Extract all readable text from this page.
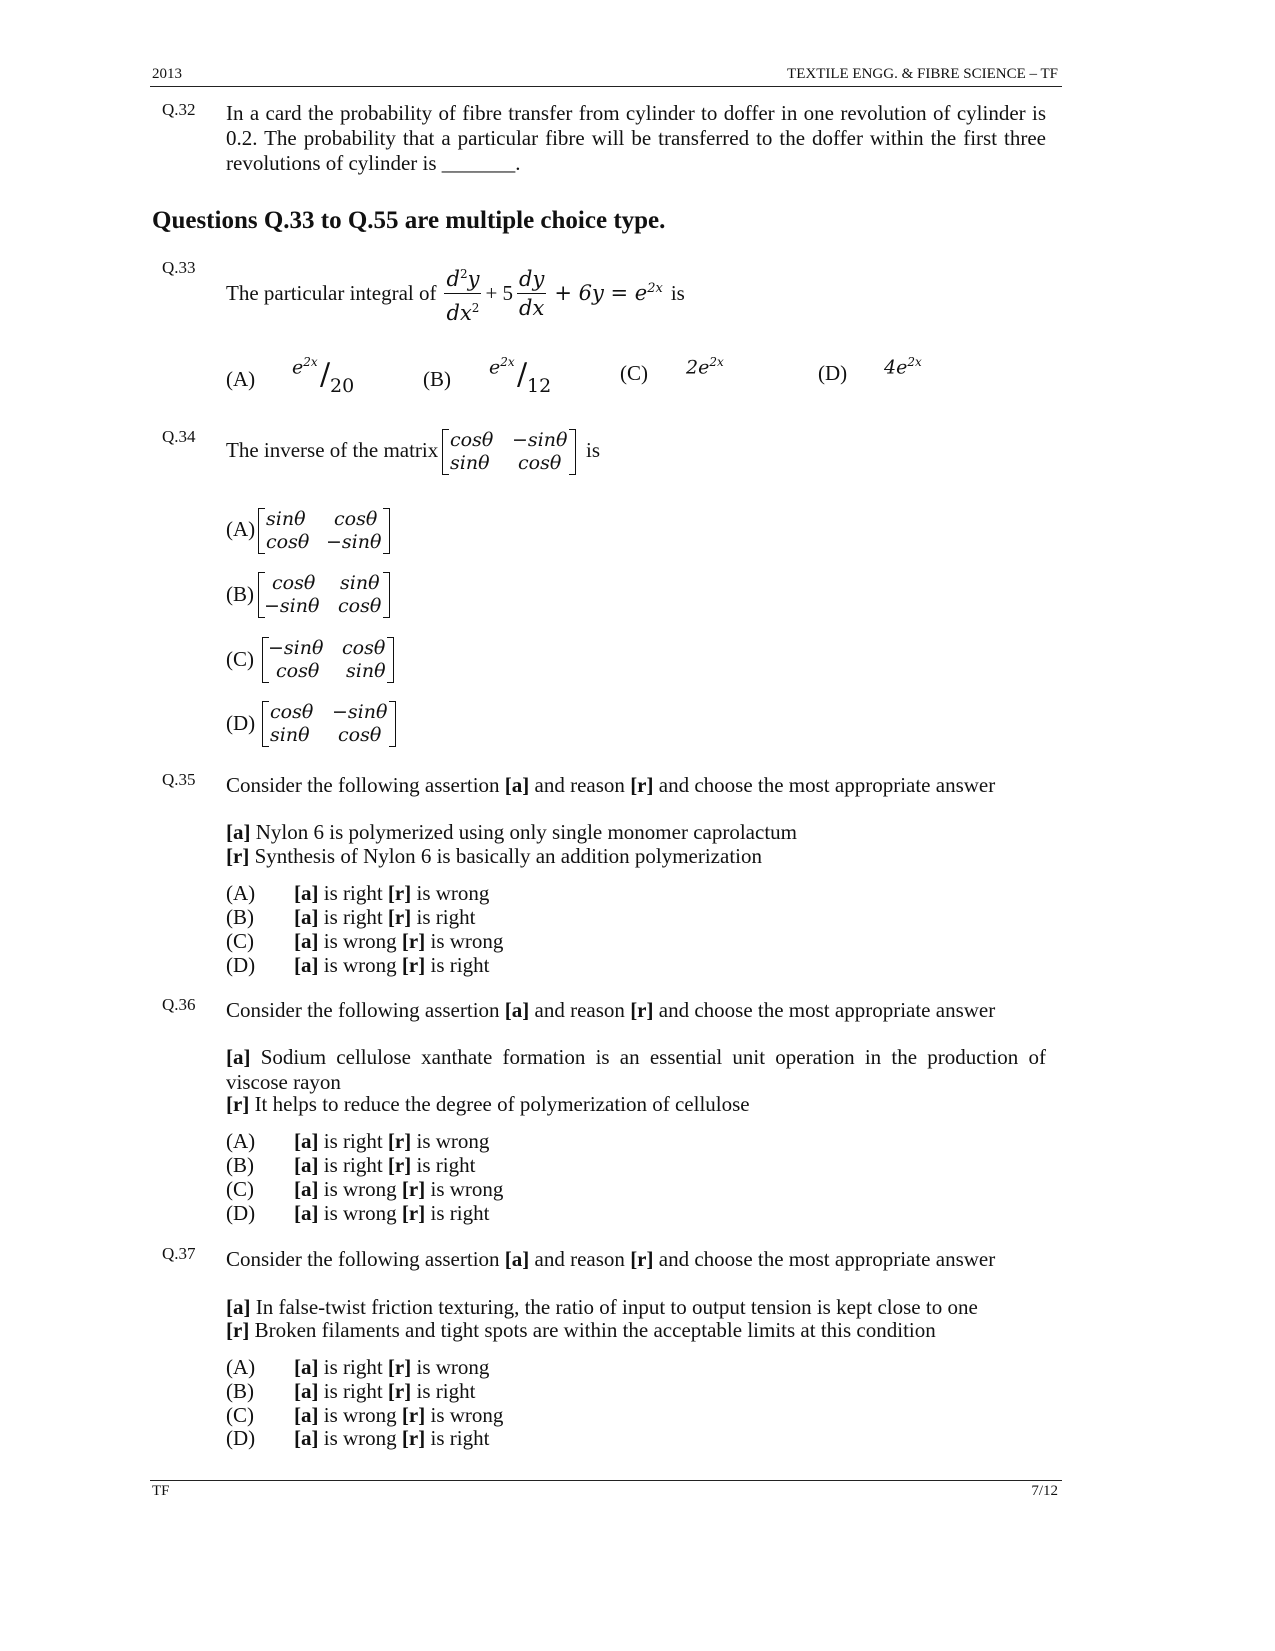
2013	TEXTILE ENGG. & FIBRE SCIENCE – TF
Q.32 In a card the probability of fibre transfer from cylinder to doffer in one revolution of cylinder is 0.2. The probability that a particular fibre will be transferred to the doffer within the first three revolutions of cylinder is _______.
Questions Q.33 to Q.55 are multiple choice type.
Q.33
The particular integral of $\frac{d^2y}{dx^2} + 5 \frac{dy}{dx} + 6y = e^{2x}$ is
(A) $e^{2x} / 20$	(B) $e^{2x} / 12$
(C) $2e^{2x}$	(D) $4e^{2x}$
Q.34
The inverse of the matrix cosθ −sinθ
sinθ cosθ
is
(A) sinθ cosθ
cosθ −sinθ
(B) cosθ sinθ
−sinθ cosθ
(C) −sinθ cosθ
cosθ sinθ
(D) cosθ −sinθ
sinθ cosθ
Q.35 Consider the following assertion [a] and reason [r] and choose the most appropriate answer
[a] Nylon 6 is polymerized using only single monomer caprolactum
[r] Synthesis of Nylon 6 is basically an addition polymerization
(A) [a] is right [r] is wrong
(B) [a] is right [r] is right
(C) [a] is wrong [r] is wrong
(D) [a] is wrong [r] is right
Q.36 Consider the following assertion [a] and reason [r] and choose the most appropriate answer
[a] Sodium cellulose xanthate formation is an essential unit operation in the production of viscose rayon
[r] It helps to reduce the degree of polymerization of cellulose
(A) [a] is right [r] is wrong
(B) [a] is right [r] is right
(C) [a] is wrong [r] is wrong
(D) [a] is wrong [r] is right
Q.37 Consider the following assertion [a] and reason [r] and choose the most appropriate answer
[a] In false-twist friction texturing, the ratio of input to output tension is kept close to one
[r] Broken filaments and tight spots are within the acceptable limits at this condition
(A) [a] is right [r] is wrong
(B) [a] is right [r] is right
(C) [a] is wrong [r] is wrong
(D) [a] is wrong [r] is right
TF	7/12
